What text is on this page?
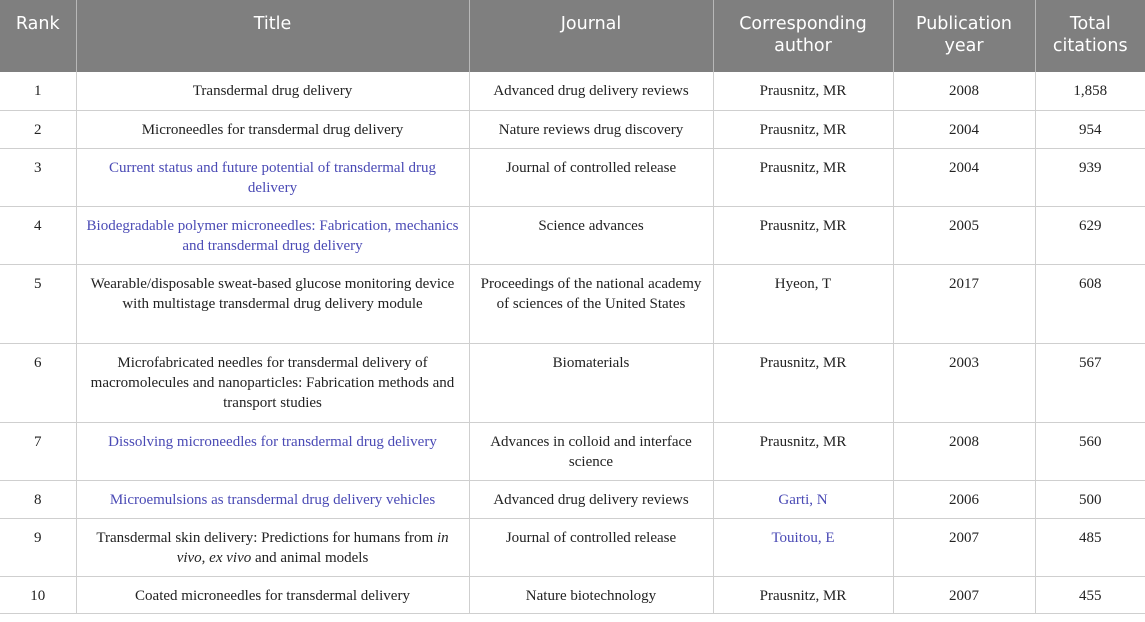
Rank	Title	Journal	Corresponding author	Publication year	Total citations
1	Transdermal drug delivery	Advanced drug delivery reviews	Prausnitz, MR	2008	1,858
2	Microneedles for transdermal drug delivery	Nature reviews drug discovery	Prausnitz, MR	2004	954
3	Current status and future potential of transdermal drug delivery	Journal of controlled release	Prausnitz, MR	2004	939
4	Biodegradable polymer microneedles: Fabrication, mechanics and transdermal drug delivery	Science advances	Prausnitz, MR	2005	629
5	Wearable/disposable sweat-based glucose monitoring device with multistage transdermal drug delivery module	Proceedings of the national academy of sciences of the United States	Hyeon, T	2017	608
6	Microfabricated needles for transdermal delivery of macromolecules and nanoparticles: Fabrication methods and transport studies	Biomaterials	Prausnitz, MR	2003	567
7	Dissolving microneedles for transdermal drug delivery	Advances in colloid and interface science	Prausnitz, MR	2008	560
8	Microemulsions as transdermal drug delivery vehicles	Advanced drug delivery reviews	Garti, N	2006	500
9	Transdermal skin delivery: Predictions for humans from in vivo, ex vivo and animal models	Journal of controlled release	Touitou, E	2007	485
10	Coated microneedles for transdermal delivery	Nature biotechnology	Prausnitz, MR	2007	455
